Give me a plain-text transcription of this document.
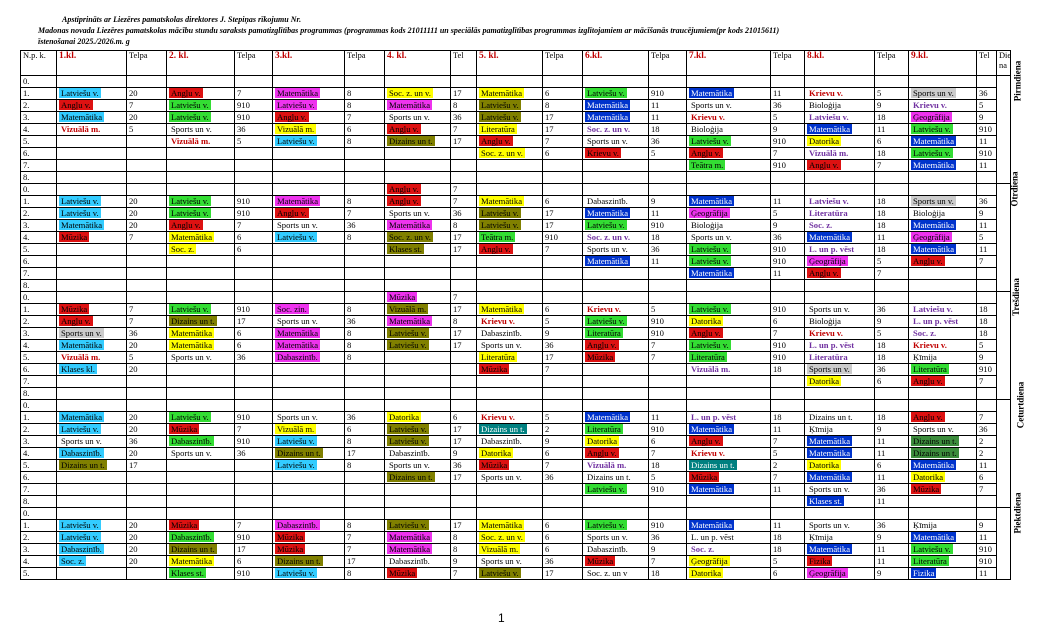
Apstiprināts ar Liezēres pamatskolas direktores J. Stepiņas rīkojumu Nr.
Madonas novada Liezēres pamatskolas mācību stundu saraksts pamatizglītības programmas (programmas kods 21011111 un speciālās pamatizglītības programmas izglītojamiem ar mācīšanās traucējumiem(pr kods 21015611)
īstenošanai 2025./2026.m. g
N.p. k.	1.kl.	Telpa	2. kl.	Telpa	3.kl.	Telpa	4. kl.	Tel	5. kl.	Telpa	6.kl.	Telpa	7.kl.	Telpa	8.kl.	Telpa	9.kl.	Tel	Die na	
0.																			Pirmdiena	
1.	Latviešu v.	20	Angļu v.	7	Matemātika	8	Soc. z. un v.	17	Matemātika	6	Latviešu v.	910	Matemātika	11	Krievu v.	5	Sports un v.	36		
2.	Angļu v.	7	Latviešu v.	910	Latviešu v.	8	Matemātika	8	Latviešu v.	8	Matemātika	11	Sports un v.	36	Bioloģija	9	Krievu v.	5		
3.	Matemātika	20	Latviešu v.	910	Angļu v.	7	Sports un v.	36	Latviešu v.	17	Matemātika	11	Krievu v.	5	Latviešu v.	18	Ģeogrāfija	9		
4.	Vizuālā m.	5	Sports un v.	36	Vizuālā m.	6	Angļu v.	7	Literatūra	17	Soc. z. un v.	18	Bioloģija	9	Matemātika	11	Latviešu v.	910		
5.			Vizuālā m.	5	Latviešu v.	8	Dizains un t.	17	Angļu v.	7	Sports un v.	36	Latviešu v.	910	Datorika	6	Matemātika	11		
6.									Soc. z. un v.	6	Krievu v.	5	Angļu v.	7	Vizuālā m.	18	Latviešu v.	910		
7.													Teātra m.	910	Angļu v.	7	Matemātika	11		
8.																				
0.							Angļu v.	7											Otrdiena	
1.	Latviešu v.	20	Latviešu v.	910	Matemātika	8	Angļu v.	7	Matemātika	6	Dabaszinīb.	9	Matemātika	11	Latviešu v.	18	Sports un v.	36		
2.	Latviešu v.	20	Latviešu v.	910	Angļu v.	7	Sports un v.	36	Latviešu v.	17	Matemātika	11	Ģeogrāfija	5	Literatūra	18	Bioloģija	9		
3.	Matemātika	20	Angļu v.	7	Sports un v.	36	Matemātika	8	Latviešu v.	17	Latviešu v.	910	Bioloģija	9	Soc. z.	18	Matemātika	11		
4.	Mūzika	7	Matemātika	6	Latviešu v.	8	Soc. z. un v.	17	Teātra m.	910	Soc. z. un v.	18	Sports un v.	36	Matemātika	11	Ģeogrāfija	5		
5.			Soc. z.	6			Klases st.	17	Angļu v.	7	Sports un v.	36	Latviešu v.	910	L. un p. vēst	18	Matemātika	11		
6.											Matemātika	11	Latviešu v.	910	Ģeogrāfija	5	Angļu v.	7		
7.													Matemātika	11	Angļu v.	7				
8.																				
0.							Mūzika	7											Trešdiena	
1.	Mūzika	7	Latviešu v.	910	Soc. zin.	8	Vizuālā m.	17	Matemātika	6	Krievu v.	5	Latviešu v.	910	Sports un v.	36	Latviešu v.	18		
2.	Angļu v.	7	Dizains un t.	17	Sports un v.	36	Matemātika	8	Krievu v.	5	Latviešu v.	910	Datorika	6	Bioloģija	9	L. un p. vēst	18		
3.	Sports un v.	36	Matemātika	6	Matemātika	8	Latviešu v.	17	Dabaszinīb.	9	Literatūra	910	Angļu v.	7	Krievu v.	5	Soc. z.	18		
4.	Matemātika	20	Matemātika	6	Matemātika	8	Latviešu v.	17	Sports un v.	36	Angļu v.	7	Latviešu v.	910	L. un p. vēst	18	Krievu v.	5		
5.	Vizuālā m.	5	Sports un v.	36	Dabaszinīb.	8			Literatūra	17	Mūzika	7	Literatūra	910	Literatūra	18	Ķīmija	9		
6.	Klases kl.	20							Mūzika	7			Vizuālā m.	18	Sports un v.	36	Literatūra	910		
7.															Datorika	6	Angļu v.	7		
8.																				
0.																			Ceturtdiena	
1.	Matemātika	20	Latviešu v.	910	Sports un v.	36	Datorika	6	Krievu v.	5	Matemātika	11	L. un p. vēst	18	Dizains un t.	18	Angļu v.	7		
2.	Latviešu v.	20	Mūzika	7	Vizuālā m.	6	Latviešu v.	17	Dizains un t.	2	Literatūra	910	Matemātika	11	Ķīmija	9	Sports un v.	36		
3.	Sports un v.	36	Dabaszinīb.	910	Latviešu v.	8	Latviešu v.	17	Dabaszinīb.	9	Datorika	6	Angļu v.	7	Matemātika	11	Dizains un t.	2		
4.	Dabaszinīb.	20	Sports un v.	36	Dizains un t.	17	Dabaszinīb.	9	Datorika	6	Angļu v.	7	Krievu v.	5	Matemātika	11	Dizains un t.	2		
5.	Dizains un t.	17			Latviešu v.	8	Sports un v.	36	Mūzika	7	Vizuālā m.	18	Dizains un t.	2	Datorika	6	Matemātika	11		
6.							Dizains un t.	17	Sports un v.	36	Dizains un t.	5	Mūzika	7	Matemātika	11	Datorika	6		
7.											Latviešu v.	910	Matemātika	11	Sports un v.	36	Mūzika	7		
8.															Klases st.	11				
0.																			Piektdiena	
1.	Latviešu v.	20	Mūzika	7	Dabaszinīb.	8	Latviešu v.	17	Matemātika	6	Latviešu v.	910	Matemātika	11	Sports un v.	36	Ķīmija	9		
2.	Latviešu v.	20	Dabaszinīb.	910	Mūzika	7	Matemātika	8	Soc. z. un v.	6	Sports un v.	36	L. un p. vēst	18	Ķīmija	9	Matemātika	11		
3.	Dabaszinīb.	20	Dizains un t.	17	Mūzika	7	Matemātika	8	Vizuālā m.	6	Dabaszinīb.	9	Soc. z.	18	Matemātika	11	Latviešu v.	910		
4.	Soc. z.	20	Matemātika	6	Dizains un t.	17	Dabaszinīb.	9	Sports un v.	36	Mūzika	7	Ģeogrāfija	5	Fizika	11	Literatūra	910		
5.			Klases st.	910	Latviešu v.	8	Mūzika	7	Latviešu v.	17	Soc. z. un v	18	Datorika	6	Ģeogrāfija	9	Fizika	11		
1
